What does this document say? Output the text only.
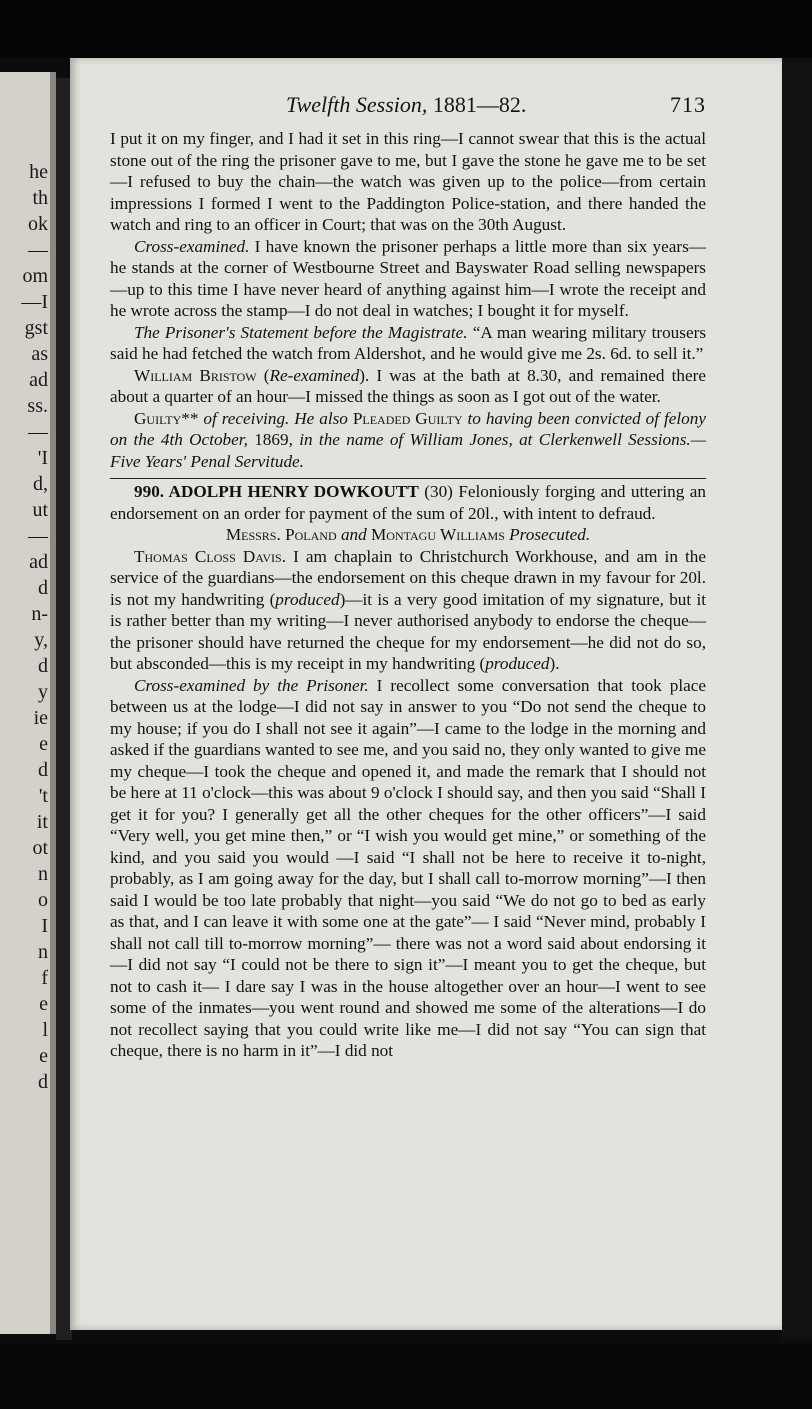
he
th
ok
—
om
—I
gst
as
ad
ss.
—
'I
d,
ut
—
ad
d
n-
y,
d
y
ie
e
d
't
it
ot
n
o
I
n
f
e
l
e
d
Twelfth Session, 1881—82.	713

I put it on my finger, and I had it set in this ring—I cannot swear that this is the actual stone out of the ring the prisoner gave to me, but I gave the stone he gave me to be set—I refused to buy the chain—the watch was given up to the police—from certain impressions I formed I went to the Paddington Police-station, and there handed the watch and ring to an officer in Court; that was on the 30th August.

Cross-examined. I have known the prisoner perhaps a little more than six years—he stands at the corner of Westbourne Street and Bayswater Road selling newspapers—up to this time I have never heard of anything against him—I wrote the receipt and he wrote across the stamp—I do not deal in watches; I bought it for myself.

The Prisoner's Statement before the Magistrate. “A man wearing military trousers said he had fetched the watch from Aldershot, and he would give me 2s. 6d. to sell it.”

William Bristow (Re-examined). I was at the bath at 8.30, and remained there about a quarter of an hour—I missed the things as soon as I got out of the water.

Guilty** of receiving. He also Pleaded Guilty to having been convicted of felony on the 4th October, 1869, in the name of William Jones, at Clerkenwell Sessions.—Five Years' Penal Servitude.

990. ADOLPH HENRY DOWKOUTT (30) Feloniously forging and uttering an endorsement on an order for payment of the sum of 20l., with intent to defraud.

Messrs. Poland and Montagu Williams Prosecuted.

Thomas Closs Davis. I am chaplain to Christchurch Workhouse, and am in the service of the guardians—the endorsement on this cheque drawn in my favour for 20l. is not my handwriting (produced)—it is a very good imitation of my signature, but it is rather better than my writing—I never authorised anybody to endorse the cheque—the prisoner should have returned the cheque for my endorsement—he did not do so, but absconded—this is my receipt in my handwriting (produced).

Cross-examined by the Prisoner. I recollect some conversation that took place between us at the lodge—I did not say in answer to you “Do not send the cheque to my house; if you do I shall not see it again”—I came to the lodge in the morning and asked if the guardians wanted to see me, and you said no, they only wanted to give me my cheque—I took the cheque and opened it, and made the remark that I should not be here at 11 o'clock—this was about 9 o'clock I should say, and then you said “Shall I get it for you? I generally get all the other cheques for the other officers”—I said “Very well, you get mine then,” or “I wish you would get mine,” or something of the kind, and you said you would —I said “I shall not be here to receive it to-night, probably, as I am going away for the day, but I shall call to-morrow morning”—I then said I would be too late probably that night—you said “We do not go to bed as early as that, and I can leave it with some one at the gate”— I said “Never mind, probably I shall not call till to-morrow morning”— there was not a word said about endorsing it—I did not say “I could not be there to sign it”—I meant you to get the cheque, but not to cash it— I dare say I was in the house altogether over an hour—I went to see some of the inmates—you went round and showed me some of the alterations—I do not recollect saying that you could write like me—I did not say “You can sign that cheque, there is no harm in it”—I did not
